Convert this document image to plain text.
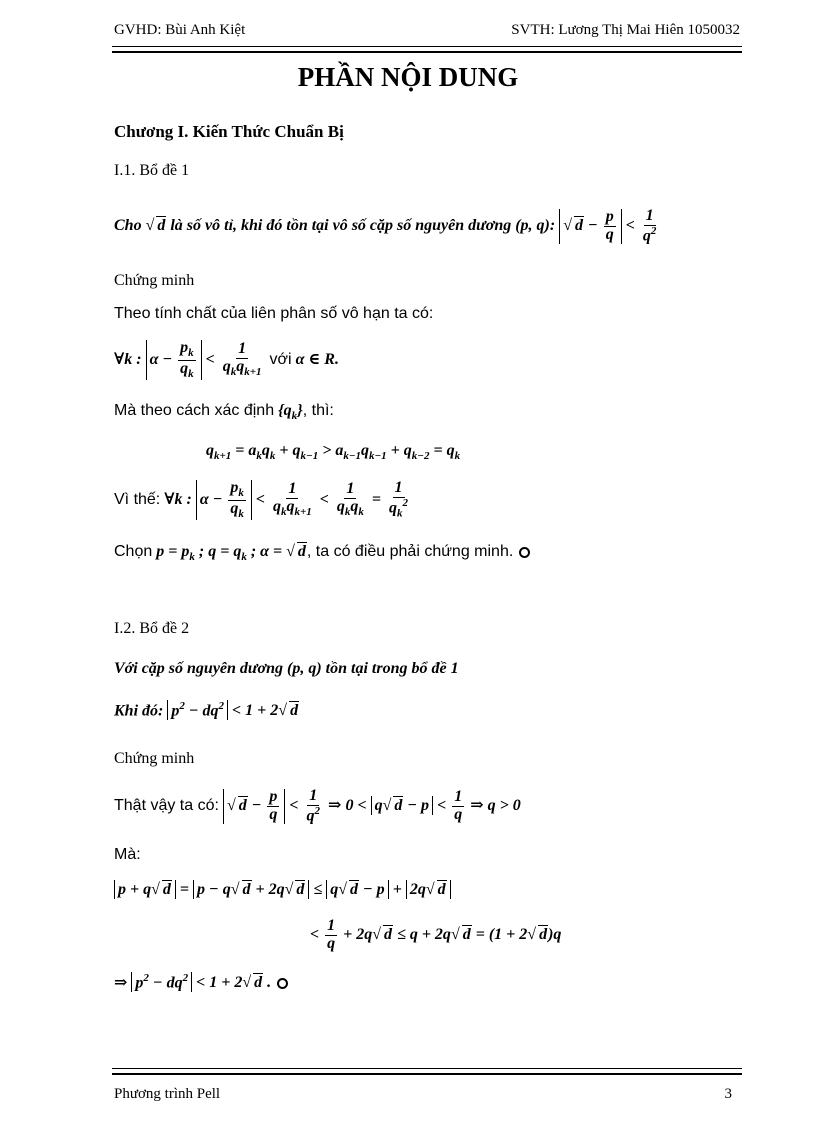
GVHD: Bùi Anh Kiệt	SVTH: Lương Thị Mai Hiên 1050032
PHẦN NỘI DUNG
Chương I. Kiến Thức Chuẩn Bị
I.1. Bổ đề 1
Cho √ d là số vô tỉ, khi đó tồn tại vô số cặp số nguyên dương (p, q): √ $d - \frac{p}{q} < \frac{1}{q^2}$
Chứng minh
Theo tính chất của liên phân số vô hạn ta có:
∀k : $\alpha - \frac{p_k}{q_k} < \frac{1}{q_kq_{k+1}}$ với α ∈ R.
Mà theo cách xác định $\{q_k\}$, thì:
$q_{k+1} = a_kq_k + q_{k-1} > a_{k-1}q_{k-1} + q_{k-2} = q_k$
Vì thế: ∀k : $\alpha - \frac{p_k}{q_k} < \frac{1}{q_kq_{k+1}} < \frac{1}{q_kq_k} = \frac{1}{q_k^2}$
Chọn $p = p_k$ ; $q = q_k$ ; α = √ d, ta có điều phải chứng minh.
I.2. Bổ đề 2
Với cặp số nguyên dương (p, q) tồn tại trong bổ đề 1
Khi đó: $p^2 - dq^2 < 1 + 2√$ d
Chứng minh
Thật vậy ta có: √ $d - \frac{p}{q} < \frac{1}{q^2}$ ⇒ 0 < q√ $d - p < \frac{1}{q}$ ⇒ q > 0
Mà:
p + q√ d = p − q√ d + 2q√ d ≤ q√ d − p + 2q√ d
< $\frac{1}{q} + 2q√$ d ≤ q + 2q√ d = (1 + 2√ d)q
⇒ $p^2 - dq^2 < 1 + 2√$ d .
Phương trình Pell	3
